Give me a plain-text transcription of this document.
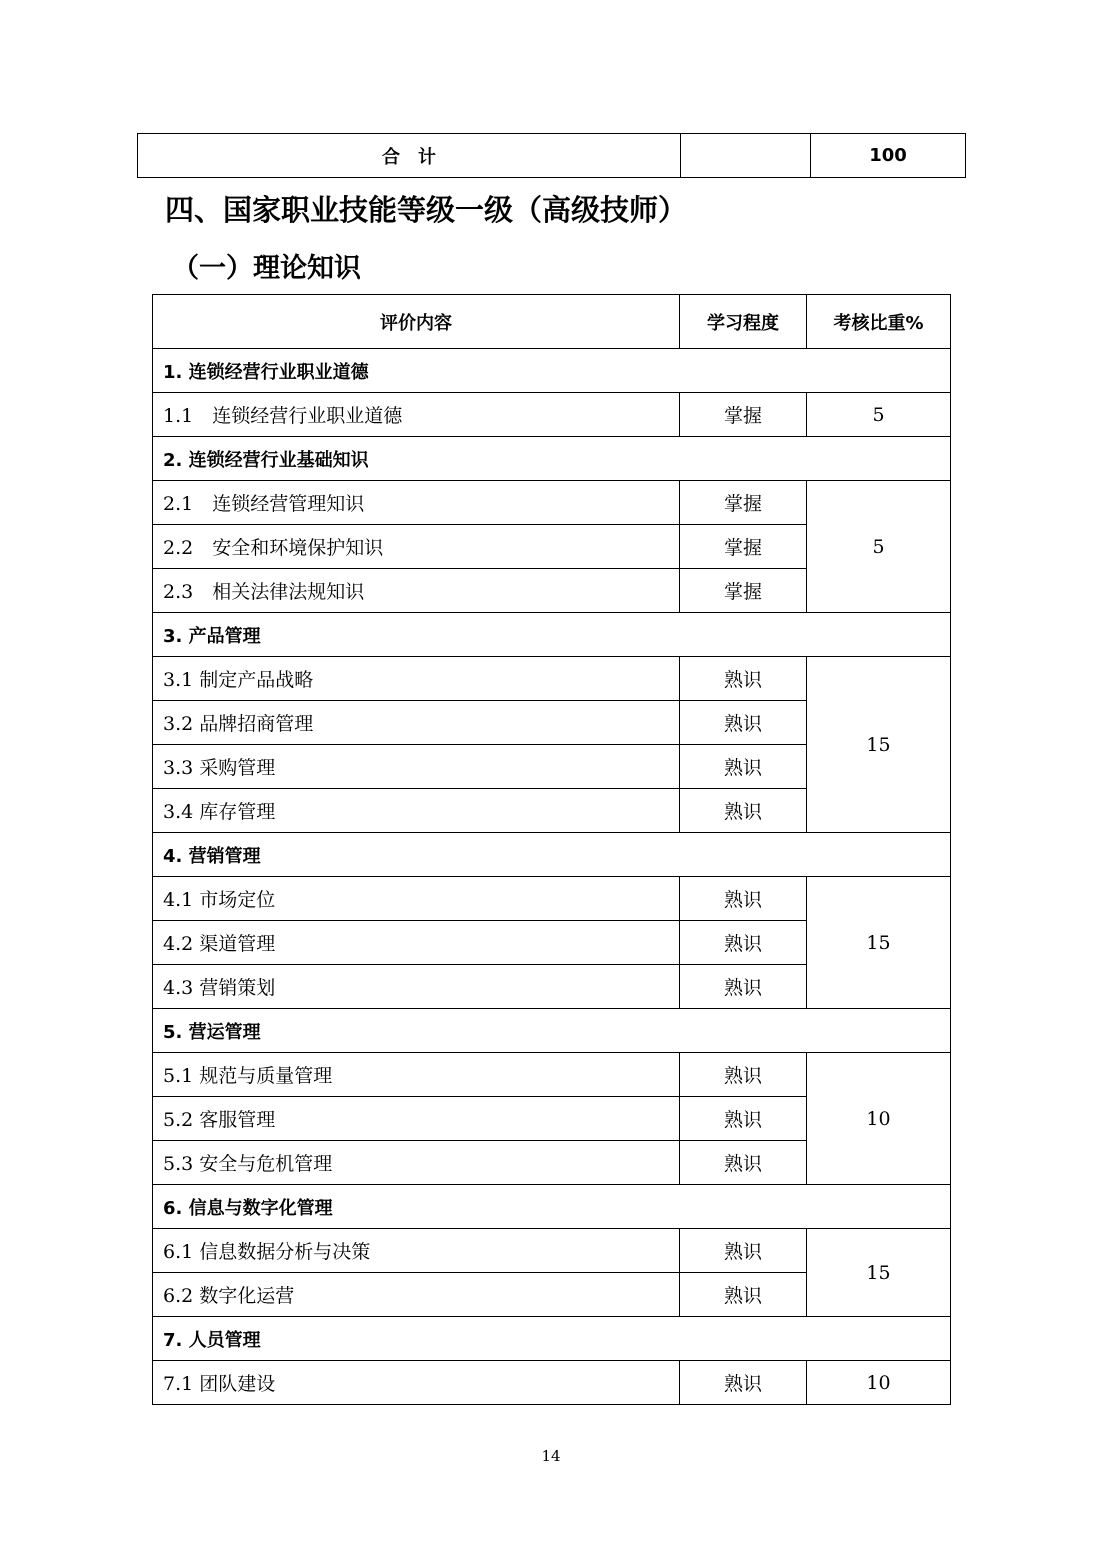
合　计		100
四、国家职业技能等级一级（高级技师）
（一）理论知识
评价内容	学习程度	考核比重%
1. 连锁经营行业职业道德		
1.1　连锁经营行业职业道德	掌握	5
2. 连锁经营行业基础知识		
2.1　连锁经营管理知识	掌握	5
2.2　安全和环境保护知识	掌握	
2.3　相关法律法规知识	掌握	
3. 产品管理		
3.1 制定产品战略	熟识	15
3.2 品牌招商管理	熟识	
3.3 采购管理	熟识	
3.4 库存管理	熟识	
4. 营销管理		
4.1 市场定位	熟识	15
4.2 渠道管理	熟识	
4.3 营销策划	熟识	
5. 营运管理		
5.1 规范与质量管理	熟识	10
5.2 客服管理	熟识	
5.3 安全与危机管理	熟识	
6. 信息与数字化管理		
6.1 信息数据分析与决策	熟识	15
6.2 数字化运营	熟识	
7. 人员管理		
7.1 团队建设	熟识	10
14
